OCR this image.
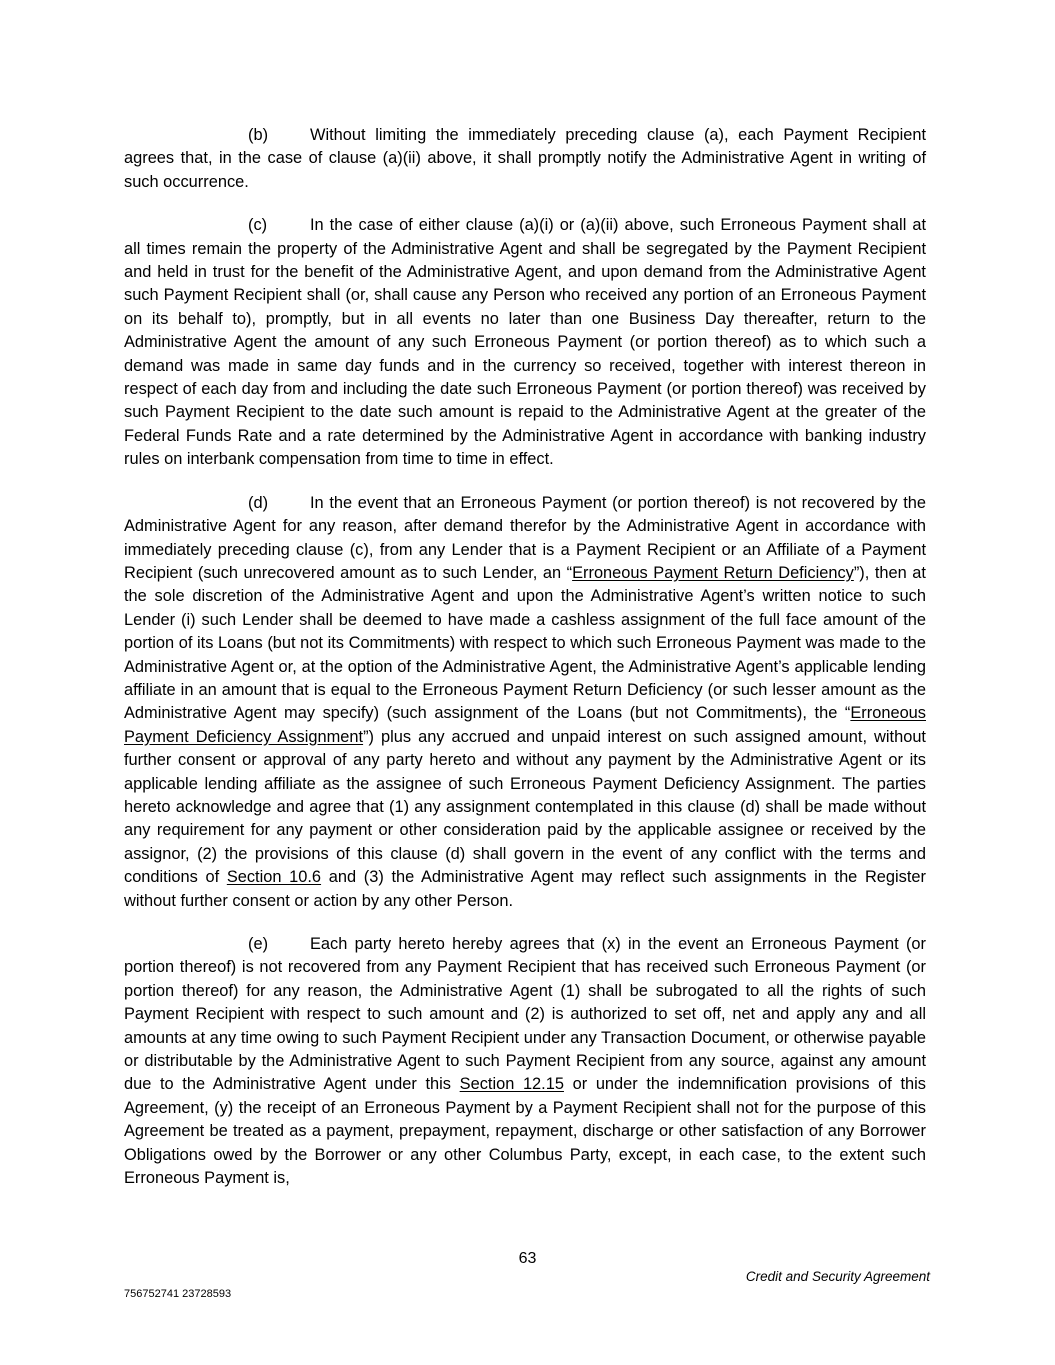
(b)	Without limiting the immediately preceding clause (a), each Payment Recipient agrees that, in the case of clause (a)(ii) above, it shall promptly notify the Administrative Agent in writing of such occurrence.

(c)	In the case of either clause (a)(i) or (a)(ii) above, such Erroneous Payment shall at all times remain the property of the Administrative Agent and shall be segregated by the Payment Recipient and held in trust for the benefit of the Administrative Agent, and upon demand from the Administrative Agent such Payment Recipient shall (or, shall cause any Person who received any portion of an Erroneous Payment on its behalf to), promptly, but in all events no later than one Business Day thereafter, return to the Administrative Agent the amount of any such Erroneous Payment (or portion thereof) as to which such a demand was made in same day funds and in the currency so received, together with interest thereon in respect of each day from and including the date such Erroneous Payment (or portion thereof) was received by such Payment Recipient to the date such amount is repaid to the Administrative Agent at the greater of the Federal Funds Rate and a rate determined by the Administrative Agent in accordance with banking industry rules on interbank compensation from time to time in effect.

(d)	In the event that an Erroneous Payment (or portion thereof) is not recovered by the Administrative Agent for any reason, after demand therefor by the Administrative Agent in accordance with immediately preceding clause (c), from any Lender that is a Payment Recipient or an Affiliate of a Payment Recipient (such unrecovered amount as to such Lender, an “Erroneous Payment Return Deficiency”), then at the sole discretion of the Administrative Agent and upon the Administrative Agent’s written notice to such Lender (i) such Lender shall be deemed to have made a cashless assignment of the full face amount of the portion of its Loans (but not its Commitments) with respect to which such Erroneous Payment was made to the Administrative Agent or, at the option of the Administrative Agent, the Administrative Agent’s applicable lending affiliate in an amount that is equal to the Erroneous Payment Return Deficiency (or such lesser amount as the Administrative Agent may specify) (such assignment of the Loans (but not Commitments), the “Erroneous Payment Deficiency Assignment”) plus any accrued and unpaid interest on such assigned amount, without further consent or approval of any party hereto and without any payment by the Administrative Agent or its applicable lending affiliate as the assignee of such Erroneous Payment Deficiency Assignment. The parties hereto acknowledge and agree that (1) any assignment contemplated in this clause (d) shall be made without any requirement for any payment or other consideration paid by the applicable assignee or received by the assignor, (2) the provisions of this clause (d) shall govern in the event of any conflict with the terms and conditions of Section 10.6 and (3) the Administrative Agent may reflect such assignments in the Register without further consent or action by any other Person.

(e)	Each party hereto hereby agrees that (x) in the event an Erroneous Payment (or portion thereof) is not recovered from any Payment Recipient that has received such Erroneous Payment (or portion thereof) for any reason, the Administrative Agent (1) shall be subrogated to all the rights of such Payment Recipient with respect to such amount and (2) is authorized to set off, net and apply any and all amounts at any time owing to such Payment Recipient under any Transaction Document, or otherwise payable or distributable by the Administrative Agent to such Payment Recipient from any source, against any amount due to the Administrative Agent under this Section 12.15 or under the indemnification provisions of this Agreement, (y) the receipt of an Erroneous Payment by a Payment Recipient shall not for the purpose of this Agreement be treated as a payment, prepayment, repayment, discharge or other satisfaction of any Borrower Obligations owed by the Borrower or any other Columbus Party, except, in each case, to the extent such Erroneous Payment is,

63
Credit and Security Agreement
756752741 23728593
